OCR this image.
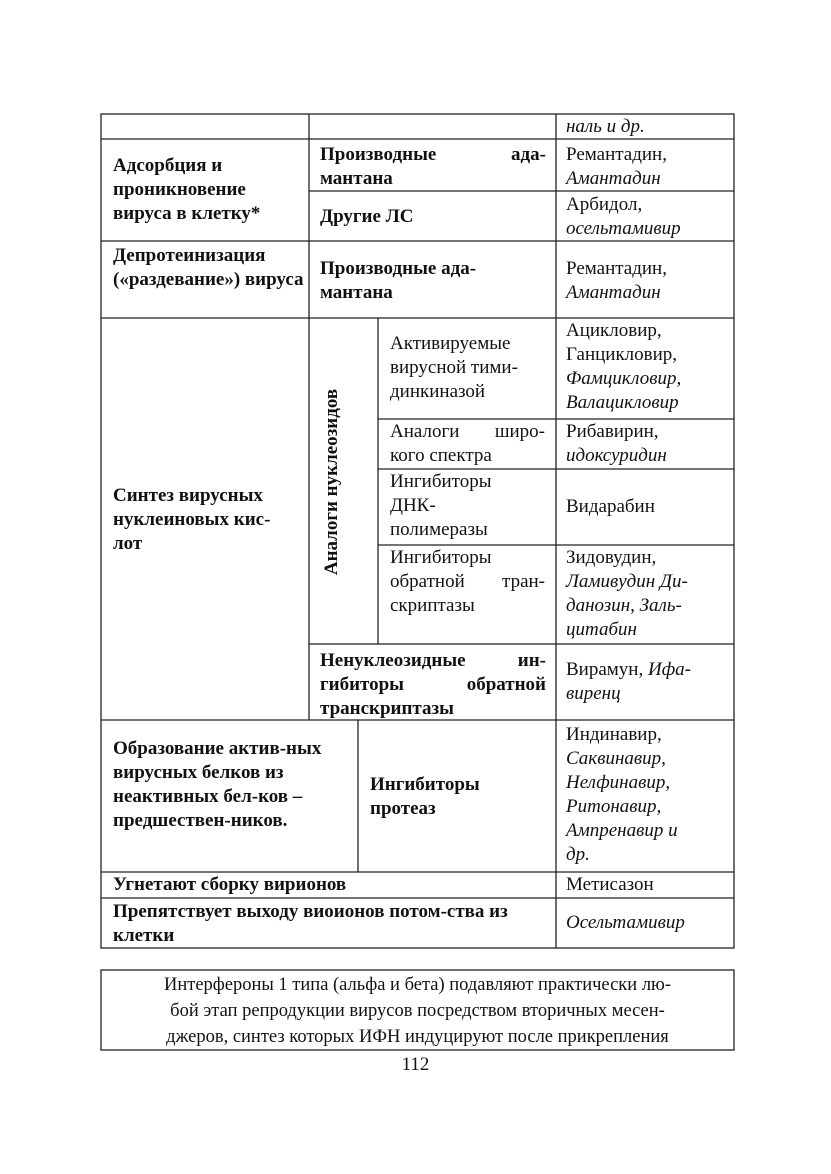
наль и др.
Адсорбция и проникновение вируса в клетку*
Производные ада-мантана
Ремантадин,
Амантадин
Другие ЛС
Арбидол,
осельтамивир
Депротеинизация («раздевание») вируса
Производные ада-мантана
Ремантадин,
Амантадин
Синтез вирусных нуклеиновых кис-лот	Аналоги нуклеозидов
Активируемые вирусной тими-динкиназой
Ацикловир,
Ганцикловир,
Фамцикловир,
Валацикловир
Аналоги широ-кого спектра
Рибавирин,
идоксуридин
Ингибиторы ДНК-полимеразы
Видарабин
Ингибиторы обратной тран-скриптазы
Зидовудин,
Ламивудин Ди-
данозин, Заль-
цитабин
Ненуклеозидные ин-гибиторы обратной транскриптазы
Вирамун, Ифа-
виренц
Образование актив-ных вирусных белков из неактивных бел-ков – предшествен-ников.
Ингибиторы протеаз
Индинавир,
Саквинавир,
Нелфинавир,
Ритонавир,
Ампренавир и
др.
Угнетают сборку вирионов	Метисазон
Препятствует выходу виоионов потом-ства из клетки
Осельтамивир
Интерфероны 1 типа (альфа и бета) подавляют практически лю-
бой этап репродукции вирусов посредством вторичных месен-
джеров, синтез которых ИФН индуцируют после прикрепления
112
